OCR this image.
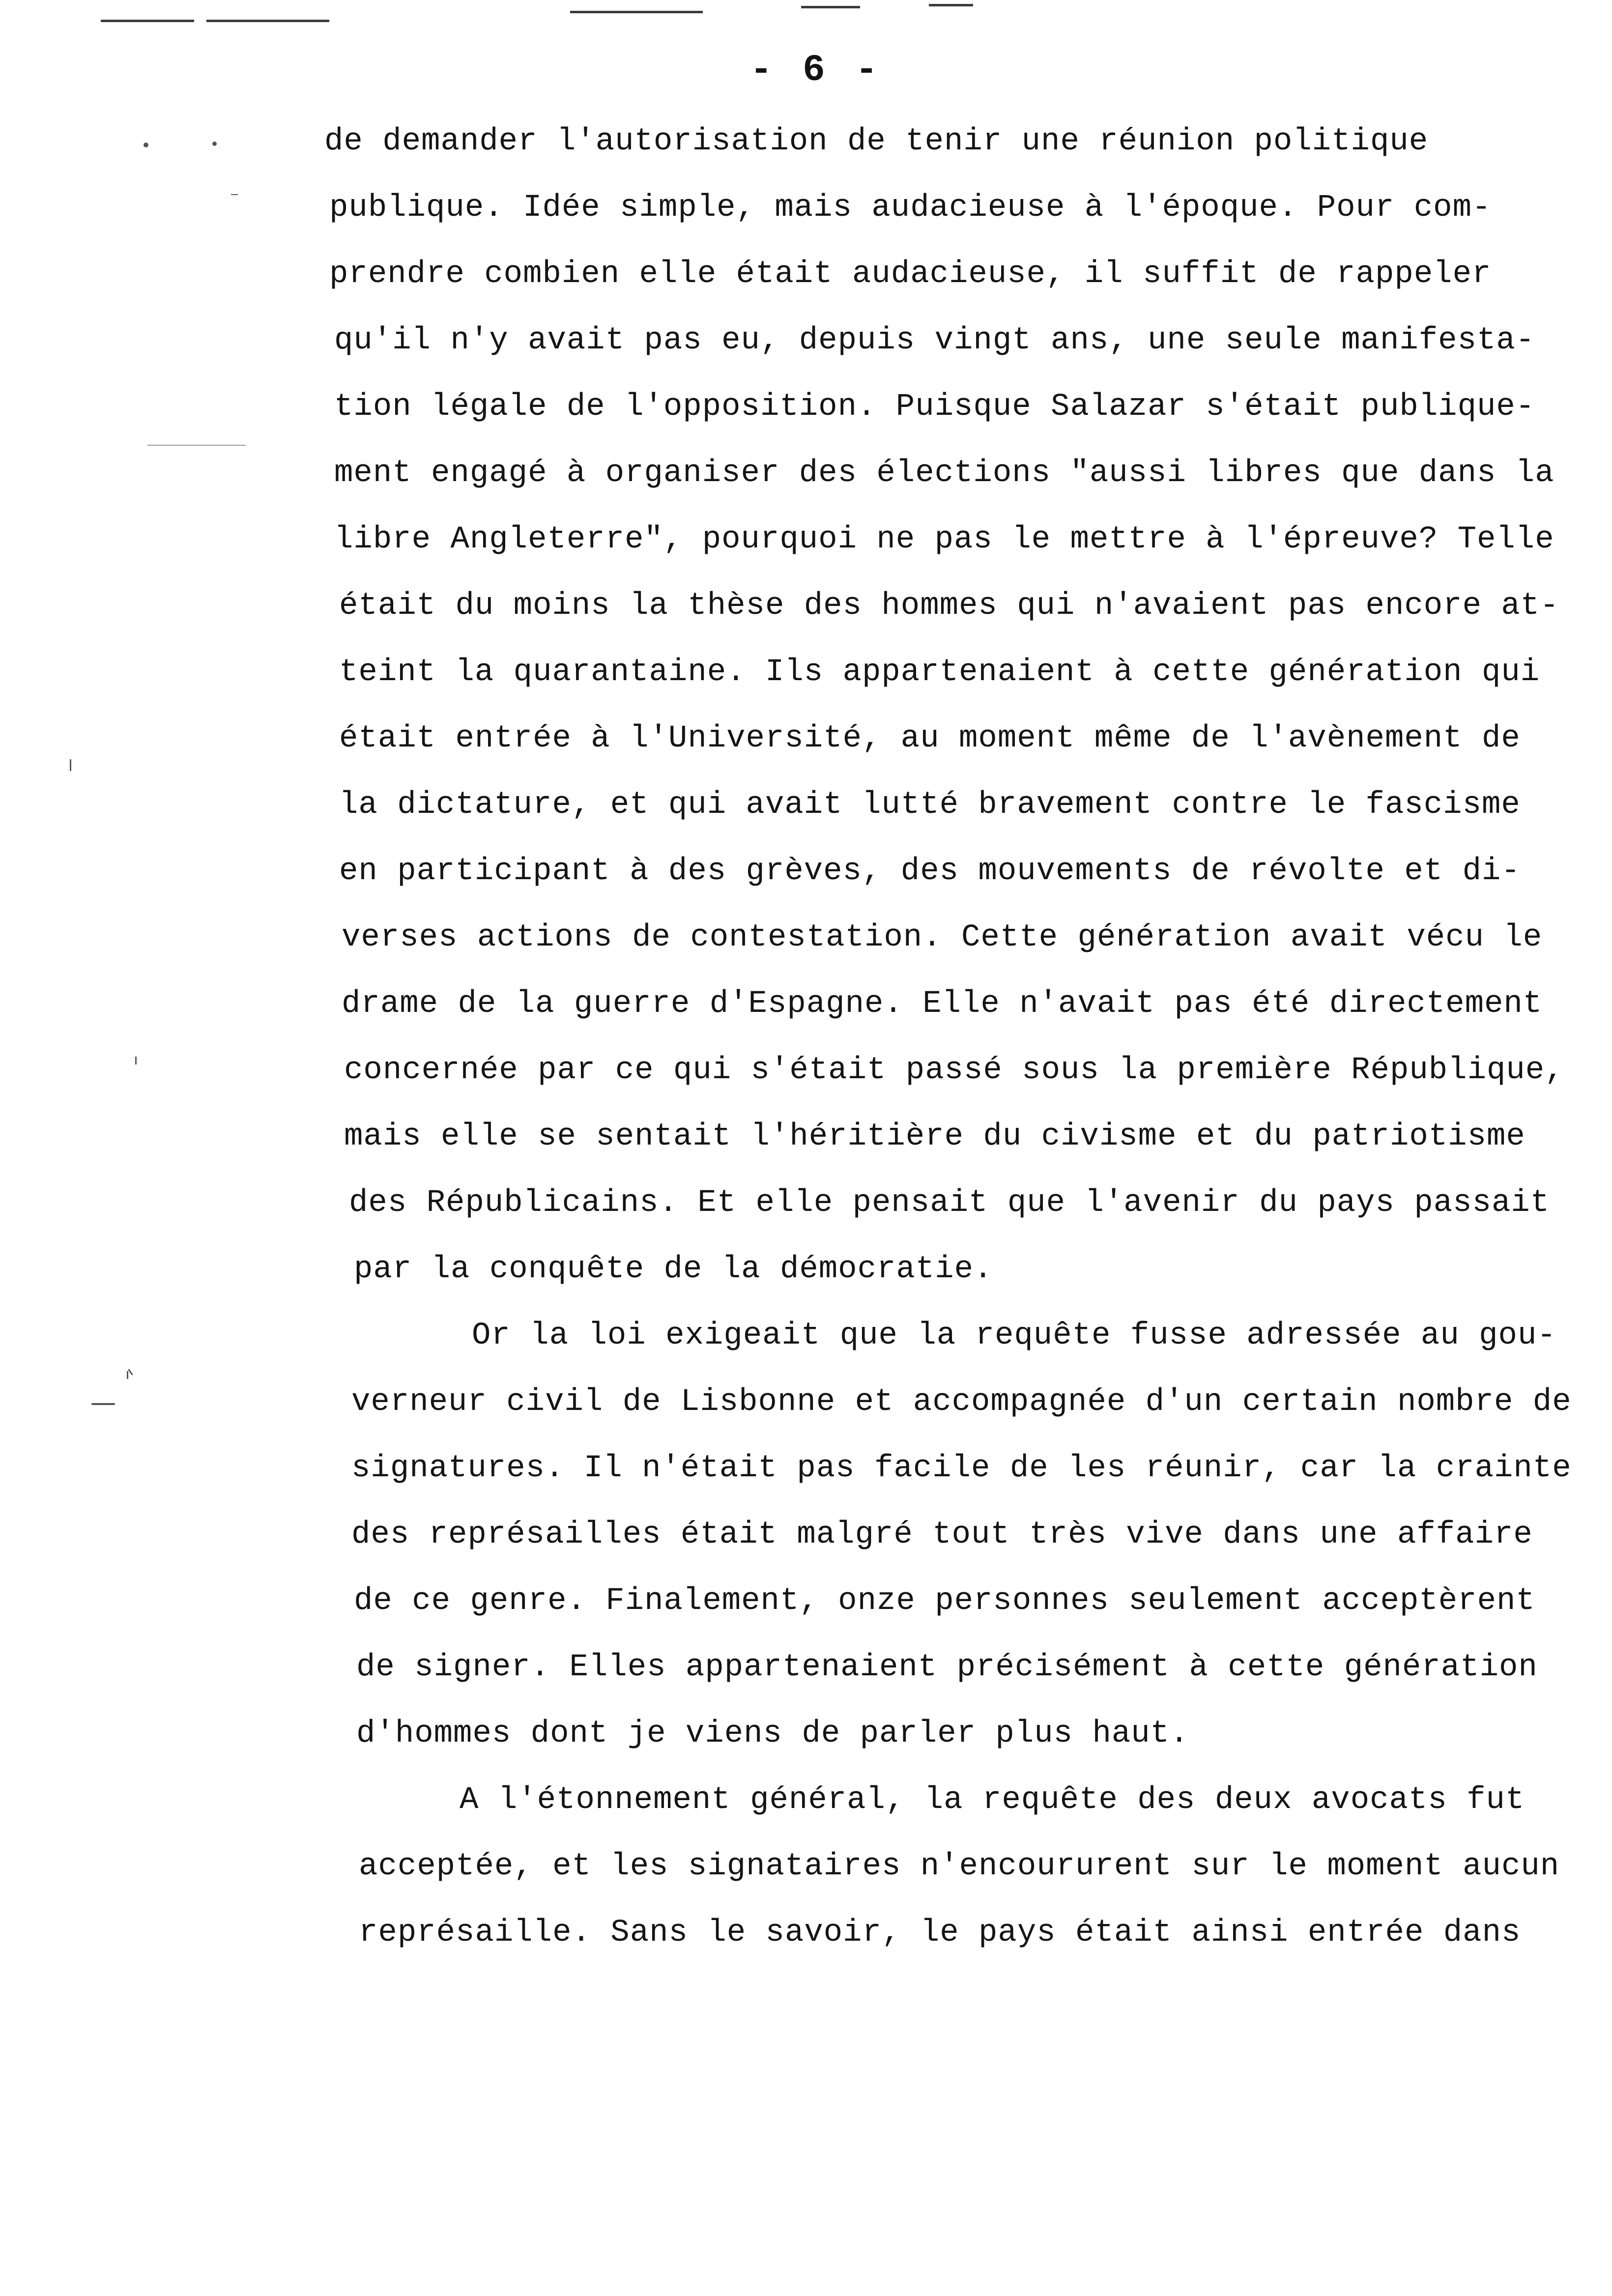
- 6 -
de demander l'autorisation de tenir une réunion politique
publique. Idée simple, mais audacieuse à l'époque. Pour com-
prendre combien elle était audacieuse, il suffit de rappeler
qu'il n'y avait pas eu, depuis vingt ans, une seule manifesta-
tion légale de l'opposition. Puisque Salazar s'était publique-
ment engagé à organiser des élections "aussi libres que dans la
libre Angleterre", pourquoi ne pas le mettre à l'épreuve? Telle
était du moins la thèse des hommes qui n'avaient pas encore at-
teint la quarantaine. Ils appartenaient à cette génération qui
était entrée à l'Université, au moment même de l'avènement de
la dictature, et qui avait lutté bravement contre le fascisme
en participant à des grèves, des mouvements de révolte et di-
verses actions de contestation. Cette génération avait vécu le
drame de la guerre d'Espagne. Elle n'avait pas été directement
concernée par ce qui s'était passé sous la première République,
mais elle se sentait l'héritière du civisme et du patriotisme
des Républicains. Et elle pensait que l'avenir du pays passait
par la conquête de la démocratie.
Or la loi exigeait que la requête fusse adressée au gou-
verneur civil de Lisbonne et accompagnée d'un certain nombre de
signatures. Il n'était pas facile de les réunir, car la crainte
des représailles était malgré tout très vive dans une affaire
de ce genre. Finalement, onze personnes seulement acceptèrent
de signer. Elles appartenaient précisément à cette génération
d'hommes dont je viens de parler plus haut.
A l'étonnement général, la requête des deux avocats fut
acceptée, et les signataires n'encoururent sur le moment aucun
représaille. Sans le savoir, le pays était ainsi entrée dans
